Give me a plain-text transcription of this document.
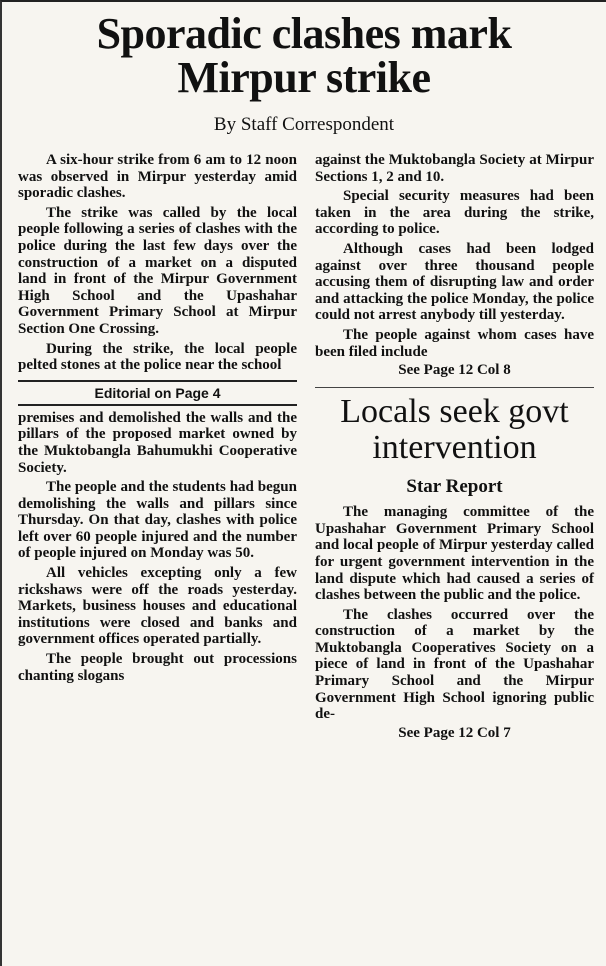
Sporadic clashes mark
Mirpur strike
By Staff Correspondent

A six-hour strike from 6 am to 12 noon was observed in Mirpur yesterday amid sporadic clashes.

The strike was called by the local people following a series of clashes with the police during the last few days over the construction of a market on a disputed land in front of the Mirpur Government High School and the Upashahar Government Primary School at Mirpur Section One Crossing.

During the strike, the local people pelted stones at the police near the school

Editorial on Page 4

premises and demolished the walls and the pillars of the proposed market owned by the Muktobangla Bahumukhi Cooperative Society.

The people and the students had begun demolishing the walls and pillars since Thursday. On that day, clashes with police left over 60 people injured and the number of people injured on Monday was 50.

All vehicles excepting only a few rickshaws were off the roads yesterday. Markets, business houses and educational institutions were closed and banks and government offices operated partially.

The people brought out processions chanting slogans

against the Muktobangla Society at Mirpur Sections 1, 2 and 10.

Special security measures had been taken in the area during the strike, according to police.

Although cases had been lodged against over three thousand people accusing them of disrupting law and order and attacking the police Monday, the police could not arrest anybody till yesterday.

The people against whom cases have been filed include

See Page 12 Col 8
Locals seek govt
intervention
Star Report

The managing committee of the Upashahar Government Primary School and local people of Mirpur yesterday called for urgent government intervention in the land dispute which had caused a series of clashes between the public and the police.

The clashes occurred over the construction of a market by the Muktobangla Cooperatives Society on a piece of land in front of the Upashahar Primary School and the Mirpur Government High School ignoring public de-

See Page 12 Col 7
